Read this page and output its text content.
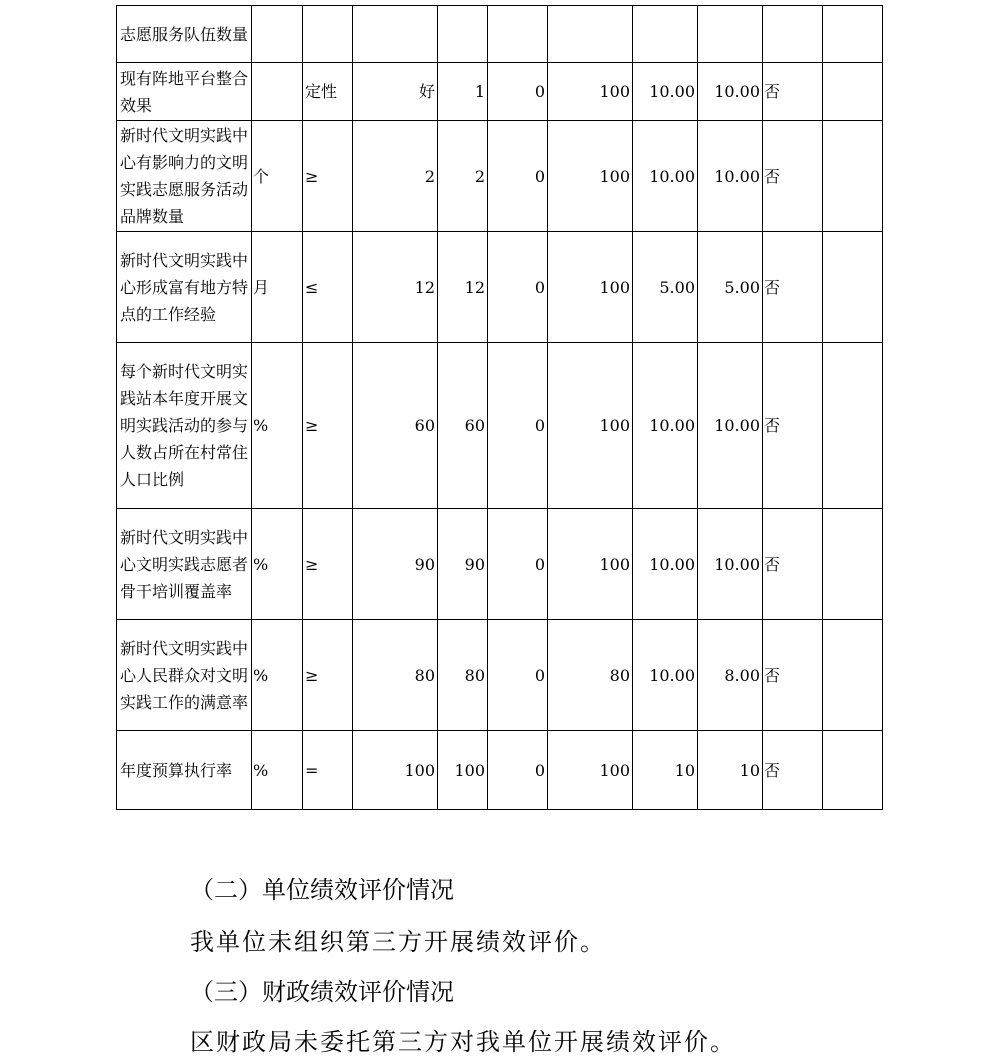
志愿服务队伍数量										
现有阵地平台整合效果		定性	好	1	0	100	10.00	10.00	否	
新时代文明实践中心有影响力的文明实践志愿服务活动品牌数量	个	≥	2	2	0	100	10.00	10.00	否	
新时代文明实践中心形成富有地方特点的工作经验	月	≤	12	12	0	100	5.00	5.00	否	
每个新时代文明实践站本年度开展文明实践活动的参与人数占所在村常住人口比例	%	≥	60	60	0	100	10.00	10.00	否	
新时代文明实践中心文明实践志愿者骨干培训覆盖率	%	≥	90	90	0	100	10.00	10.00	否	
新时代文明实践中心人民群众对文明实践工作的满意率	%	≥	80	80	0	80	10.00	8.00	否	
年度预算执行率	%	=	100	100	0	100	10	10	否	
（二）单位绩效评价情况
我单位未组织第三方开展绩效评价。
（三）财政绩效评价情况
区财政局未委托第三方对我单位开展绩效评价。
